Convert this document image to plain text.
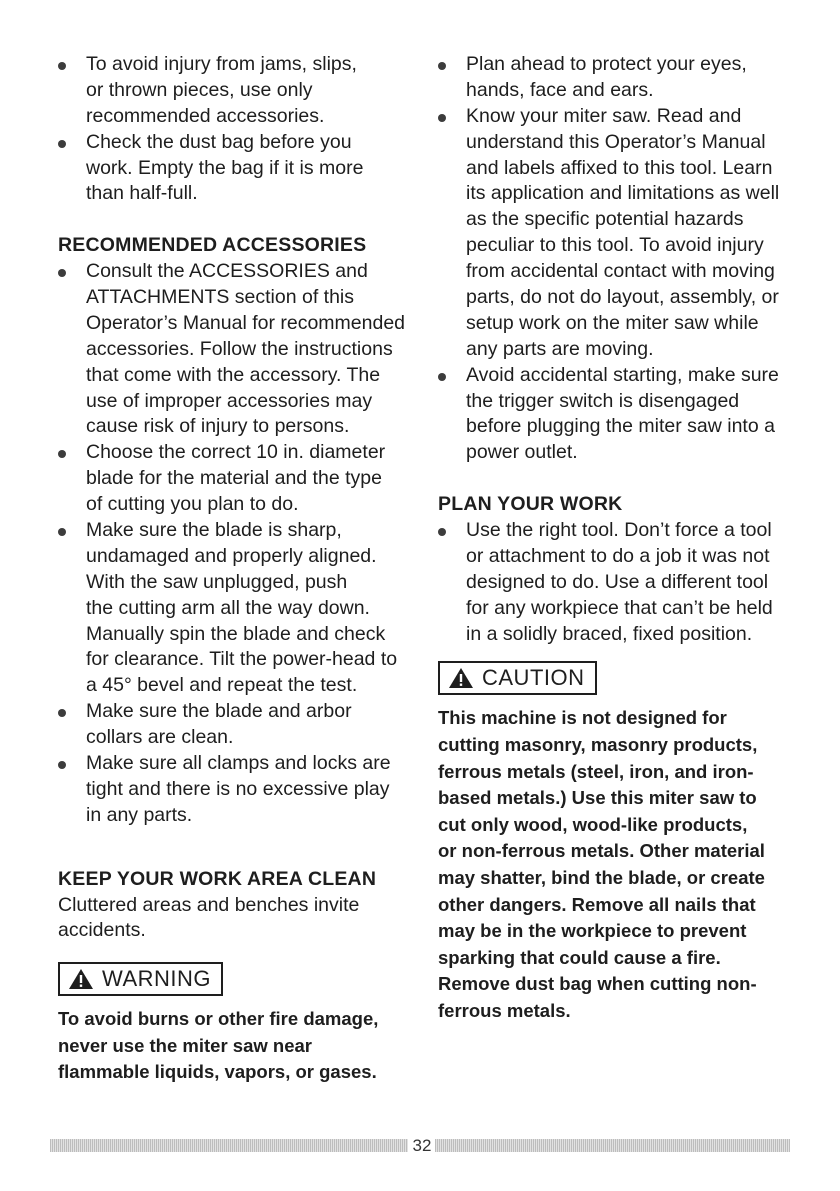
To avoid injury from jams, slips,
or thrown pieces, use only
recommended accessories.
Check the dust bag before you
work. Empty the bag if it is more
than half-full.
RECOMMENDED ACCESSORIES
Consult the ACCESSORIES and
ATTACHMENTS section of this
Operator’s Manual for recommended
accessories. Follow the instructions
that come with the accessory. The
use of improper accessories may
cause risk of injury to persons.
Choose the correct 10 in. diameter
blade for the material and the type
of cutting you plan to do.
Make sure the blade is sharp,
undamaged and properly aligned.
With the saw unplugged, push
the cutting arm all the way down.
Manually spin the blade and check
for clearance. Tilt the power-head to
a 45° bevel and repeat the test.
Make sure the blade and arbor
collars are clean.
Make sure all clamps and locks are
tight and there is no excessive play
in any parts.
KEEP YOUR WORK AREA CLEAN
Cluttered areas and benches invite
accidents.
WARNING
To avoid burns or other fire damage,
never use the miter saw near
flammable liquids, vapors, or gases.
Plan ahead to protect your eyes,
hands, face and ears.
Know your miter saw. Read and
understand this Operator’s Manual
and labels affixed to this tool. Learn
its application and limitations as well
as the specific potential hazards
peculiar to this tool. To avoid injury
from accidental contact with moving
parts, do not do layout, assembly, or
setup work on the miter saw while
any parts are moving.
Avoid accidental starting, make sure
the trigger switch is disengaged
before plugging the miter saw into a
power outlet.
PLAN YOUR WORK
Use the right tool. Don’t force a tool
or attachment to do a job it was not
designed to do. Use a different tool
for any workpiece that can’t be held
in a solidly braced, fixed position.
CAUTION
This machine is not designed for
cutting masonry, masonry products,
ferrous metals (steel, iron, and iron-
based metals.) Use this miter saw to
cut only wood, wood-like products,
or non-ferrous metals. Other material
may shatter, bind the blade, or create
other dangers. Remove all nails that
may be in the workpiece to prevent
sparking that could cause a fire.
Remove dust bag when cutting non-
ferrous metals.
32
